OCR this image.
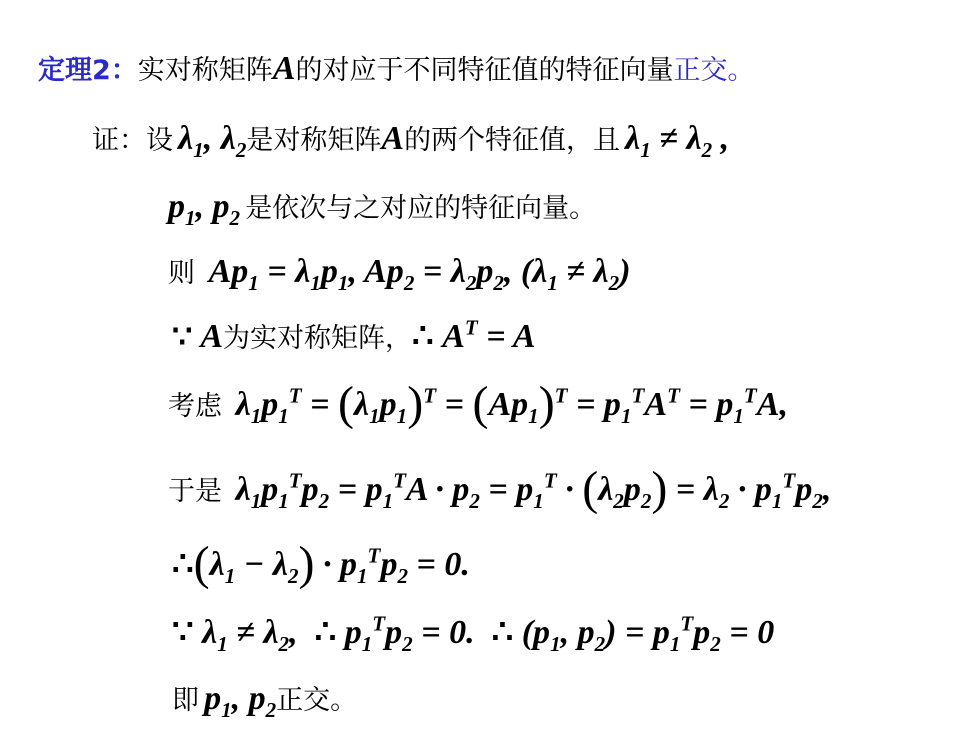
定理2：实对称矩阵A的对应于不同特征值的特征向量正交。
证：设 $\lambda_1$, $\lambda_2$是对称矩阵A的两个特征值，且 $\lambda_1 \ne \lambda_2$ ,
$p_1$, $p_2$ 是依次与之对应的特征向量。
则  $Ap_1 = \lambda_1p_1$, $Ap_2 = \lambda_2p_2$, $(\lambda_1 \ne \lambda_2)$
∵ A为实对称矩阵，∴ $A^T = A$
考虑  $\lambda_1p_1^T = (\lambda_1p_1)^T = (Ap_1)^T = p_1^TA^T = p_1^TA$,
于是  $\lambda_1p_1^Tp_2 = p_1^TA \cdot p_2 = p_1^T \cdot (\lambda_2p_2) = \lambda_2 \cdot p_1^Tp_2$,
$\therefore(\lambda_1 - \lambda_2) \cdot p_1^Tp_2 = 0$.
∵ $\lambda_1 \ne \lambda_2$,  ∴ $p_1^Tp_2 = 0$.  ∴ ($p_1$, $p_2) = p_1^Tp_2 = 0$
即 $p_1$, $p_2$正交。
